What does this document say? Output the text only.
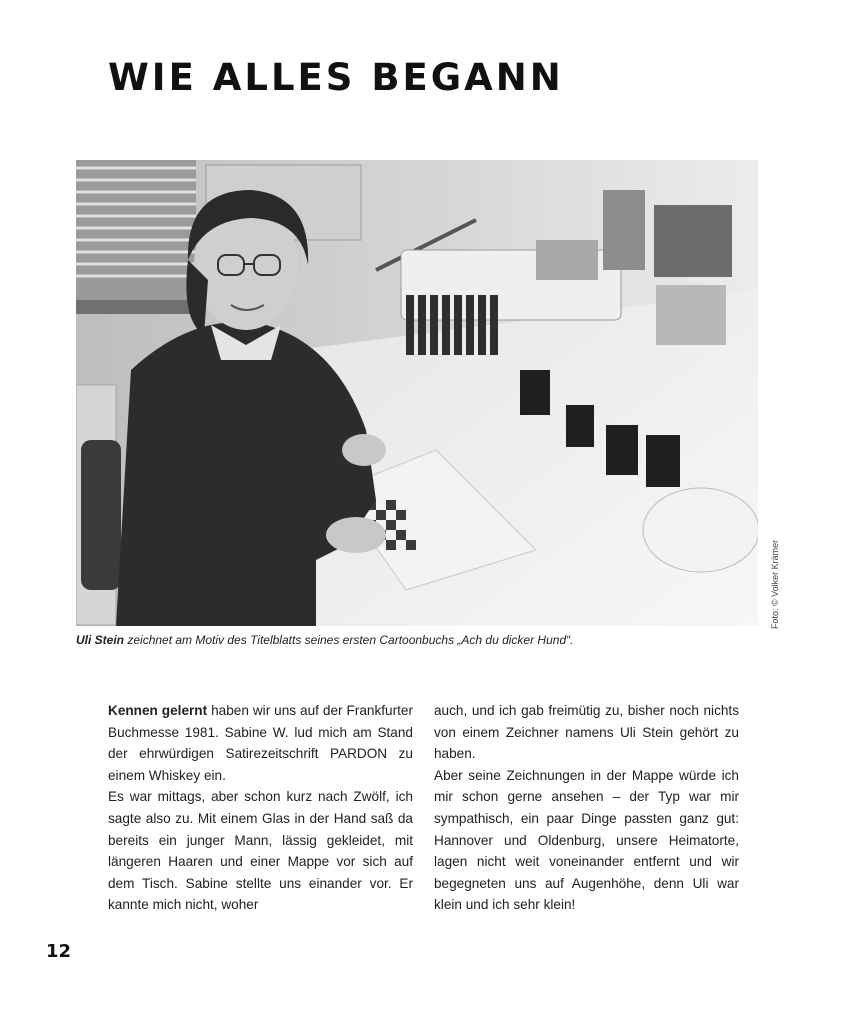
WIE ALLES BEGANN
Foto: © Volker Krämer
Uli Stein zeichnet am Motiv des Titelblatts seines ersten Cartoonbuchs „Ach du dicker Hund“.

Kennen gelernt haben wir uns auf der Frankfurter Buchmesse 1981. Sabine W. lud mich am Stand der ehrwürdigen Satirezeitschrift PARDON zu einem Whiskey ein.

Es war mittags, aber schon kurz nach Zwölf, ich sagte also zu. Mit einem Glas in der Hand saß da bereits ein junger Mann, lässig gekleidet, mit längeren Haaren und einer Mappe vor sich auf dem Tisch. Sabine stellte uns einander vor. Er kannte mich nicht, woher

auch, und ich gab freimütig zu, bisher noch nichts von einem Zeichner namens Uli Stein gehört zu haben.

Aber seine Zeichnungen in der Mappe würde ich mir schon gerne ansehen – der Typ war mir sympathisch, ein paar Dinge passten ganz gut: Hannover und Oldenburg, unsere Heimatorte, lagen nicht weit voneinander entfernt und wir begegneten uns auf Augenhöhe, denn Uli war klein und ich sehr klein!

12
